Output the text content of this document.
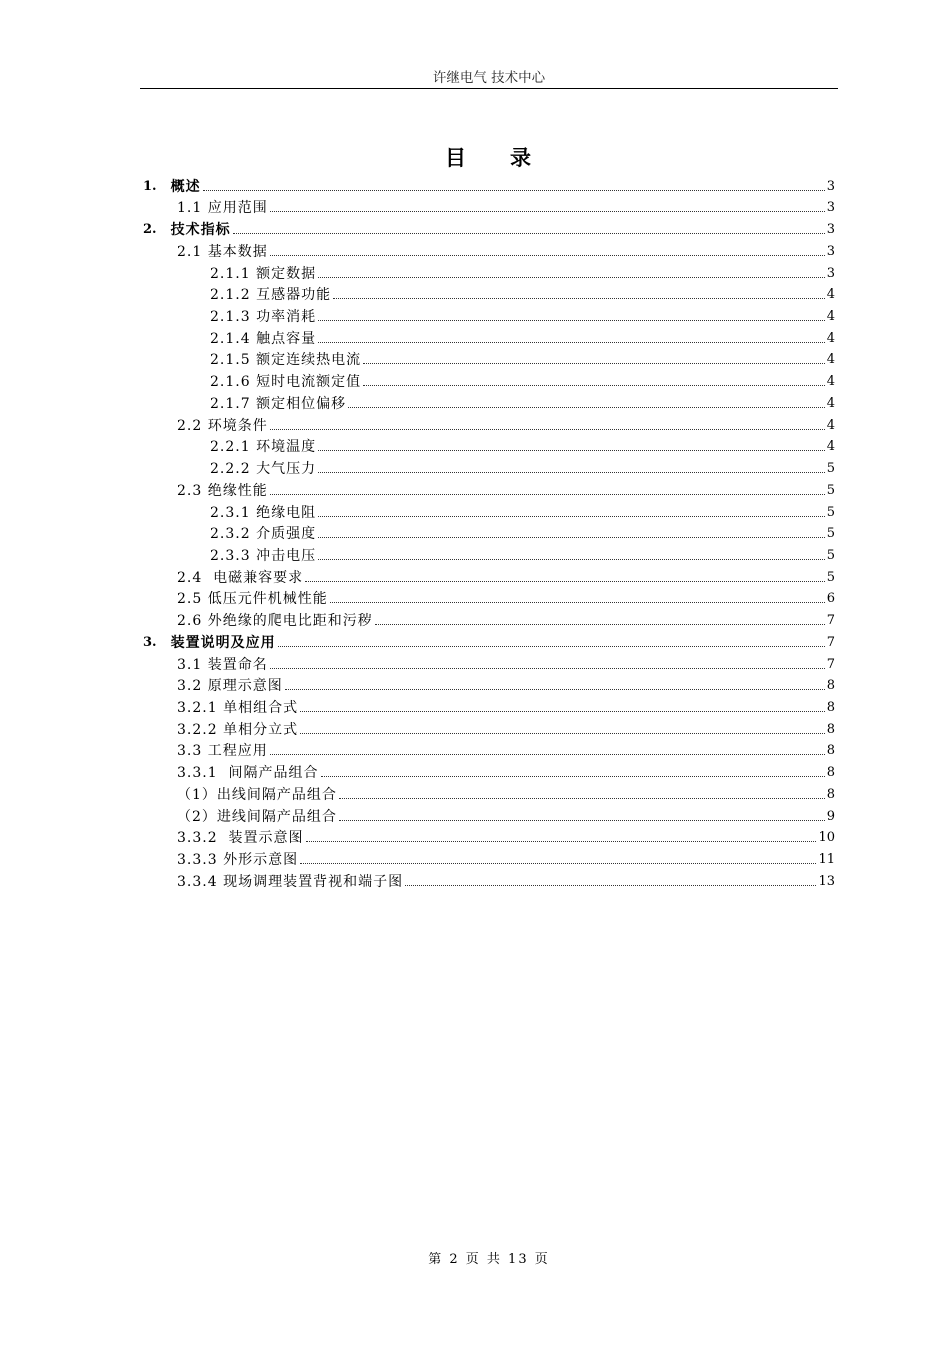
许继电气 技术中心
目 录
1. 概述	3
1.1 应用范围	3
2. 技术指标	3
2.1 基本数据	3
2.1.1 额定数据	3
2.1.2 互感器功能	4
2.1.3 功率消耗	4
2.1.4 触点容量	4
2.1.5 额定连续热电流	4
2.1.6 短时电流额定值	4
2.1.7 额定相位偏移	4
2.2 环境条件	4
2.2.1 环境温度	4
2.2.2 大气压力	5
2.3 绝缘性能	5
2.3.1 绝缘电阻	5
2.3.2 介质强度	5
2.3.3 冲击电压	5
2.4  电磁兼容要求	5
2.5 低压元件机械性能	6
2.6 外绝缘的爬电比距和污秽	7
3. 装置说明及应用	7
3.1 装置命名	7
3.2 原理示意图	8
3.2.1 单相组合式	8
3.2.2 单相分立式	8
3.3 工程应用	8
3.3.1  间隔产品组合	8
（1）出线间隔产品组合	8
（2）进线间隔产品组合	9
3.3.2  装置示意图	10
3.3.3 外形示意图	11
3.3.4 现场调理装置背视和端子图	13
第 2 页 共 13 页
